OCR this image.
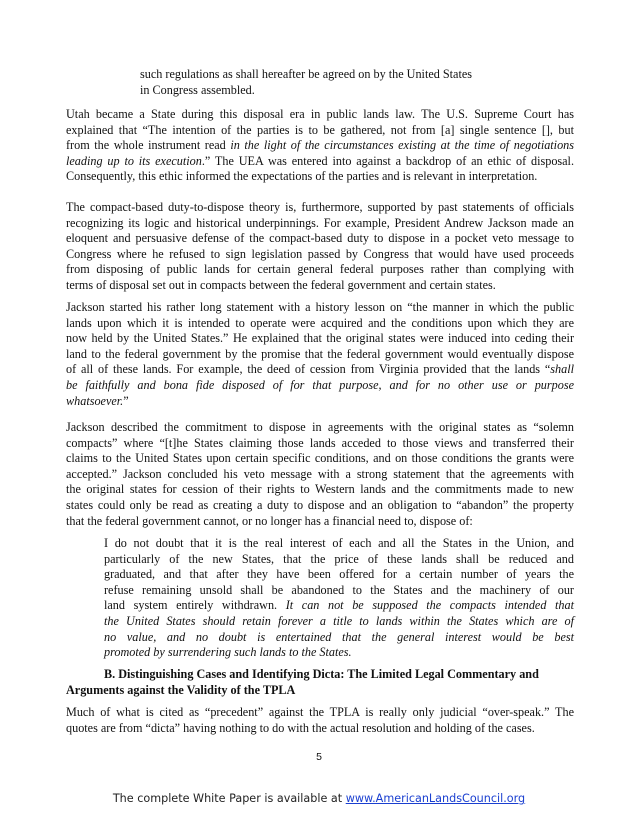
such regulations as shall hereafter be agreed on by the United States
in Congress assembled.
Utah became a State during this disposal era in public lands law. The U.S. Supreme Court has
explained that “The intention of the parties is to be gathered, not from [a] single sentence [], but
from the whole instrument read in the light of the circumstances existing at the time of negotiations
leading up to its execution.” The UEA was entered into against a backdrop of an ethic of disposal.
Consequently, this ethic informed the expectations of the parties and is relevant in interpretation.
The compact-based duty-to-dispose theory is, furthermore, supported by past statements of officials
recognizing its logic and historical underpinnings. For example, President Andrew Jackson made an
eloquent and persuasive defense of the compact-based duty to dispose in a pocket veto message to
Congress where he refused to sign legislation passed by Congress that would have used proceeds
from disposing of public lands for certain general federal purposes rather than complying with
terms of disposal set out in compacts between the federal government and certain states.
Jackson started his rather long statement with a history lesson on “the manner in which the public
lands upon which it is intended to operate were acquired and the conditions upon which they are
now held by the United States.” He explained that the original states were induced into ceding their
land to the federal government by the promise that the federal government would eventually dispose
of all of these lands. For example, the deed of cession from Virginia provided that the lands “shall
be faithfully and bona fide disposed of for that purpose, and for no other use or purpose
whatsoever.”
Jackson described the commitment to dispose in agreements with the original states as “solemn
compacts” where “[t]he States claiming those lands acceded to those views and transferred their
claims to the United States upon certain specific conditions, and on those conditions the grants were
accepted.” Jackson concluded his veto message with a strong statement that the agreements with
the original states for cession of their rights to Western lands and the commitments made to new
states could only be read as creating a duty to dispose and an obligation to “abandon” the property
that the federal government cannot, or no longer has a financial need to, dispose of:
I do not doubt that it is the real interest of each and all the States in the Union, and
particularly of the new States, that the price of these lands shall be reduced and
graduated, and that after they have been offered for a certain number of years the
refuse remaining unsold shall be abandoned to the States and the machinery of our
land system entirely withdrawn. It can not be supposed the compacts intended that
the United States should retain forever a title to lands within the States which are of
no value, and no doubt is entertained that the general interest would be best
promoted by surrendering such lands to the States.
B. Distinguishing Cases and Identifying Dicta: The Limited Legal Commentary and
Arguments against the Validity of the TPLA
Much of what is cited as “precedent” against the TPLA is really only judicial “over-speak.” The
quotes are from “dicta” having nothing to do with the actual resolution and holding of the cases.
5
The complete White Paper is available at www.AmericanLandsCouncil.org
